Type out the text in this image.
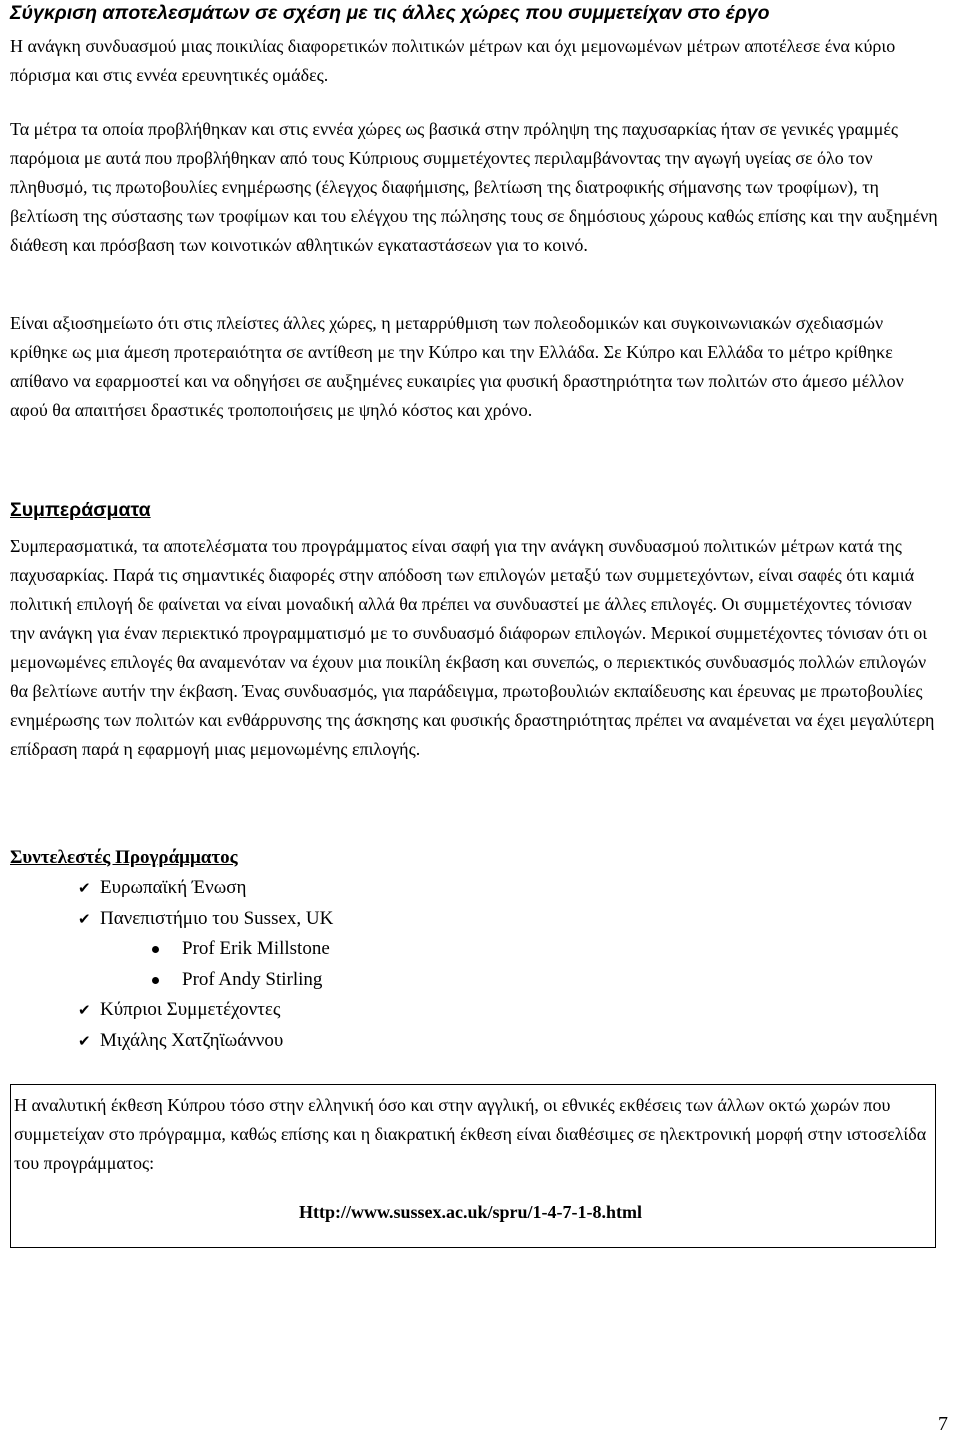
Σύγκριση αποτελεσμάτων σε σχέση με τις άλλες χώρες που συμμετείχαν στο έργο

Η ανάγκη συνδυασμού μιας ποικιλίας διαφορετικών πολιτικών μέτρων και όχι μεμονωμένων μέτρων αποτέλεσε ένα κύριο πόρισμα και στις εννέα ερευνητικές ομάδες.

Τα μέτρα τα οποία προβλήθηκαν και στις εννέα χώρες ως βασικά στην πρόληψη της παχυσαρκίας ήταν σε γενικές γραμμές παρόμοια με αυτά που προβλήθηκαν από τους Κύπριους συμμετέχοντες περιλαμβάνοντας την αγωγή υγείας σε όλο τον πληθυσμό, τις πρωτοβουλίες ενημέρωσης (έλεγχος διαφήμισης, βελτίωση της διατροφικής σήμανσης των τροφίμων), τη βελτίωση της σύστασης των τροφίμων και του ελέγχου της πώλησης τους σε δημόσιους χώρους καθώς επίσης και την αυξημένη διάθεση και πρόσβαση των κοινοτικών αθλητικών εγκαταστάσεων για το κοινό.

Είναι αξιοσημείωτο ότι στις πλείστες άλλες χώρες, η μεταρρύθμιση των πολεοδομικών και συγκοινωνιακών σχεδιασμών κρίθηκε ως μια άμεση προτεραιότητα σε αντίθεση με την Κύπρο και την Ελλάδα. Σε Κύπρο και Ελλάδα το μέτρο κρίθηκε απίθανο να εφαρμοστεί και να οδηγήσει σε αυξημένες ευκαιρίες για φυσική δραστηριότητα των πολιτών στο άμεσο μέλλον αφού θα απαιτήσει δραστικές τροποποιήσεις με ψηλό κόστος και χρόνο.

Συμπεράσματα

Συμπερασματικά, τα αποτελέσματα του προγράμματος είναι σαφή για την ανάγκη συνδυασμού πολιτικών μέτρων κατά της παχυσαρκίας. Παρά τις σημαντικές διαφορές στην απόδοση των επιλογών μεταξύ των συμμετεχόντων, είναι σαφές ότι καμιά πολιτική επιλογή δε φαίνεται να είναι μοναδική αλλά θα πρέπει να συνδυαστεί με άλλες επιλογές. Οι συμμετέχοντες τόνισαν την ανάγκη για έναν περιεκτικό προγραμματισμό με το συνδυασμό διάφορων επιλογών. Μερικοί συμμετέχοντες τόνισαν ότι οι μεμονωμένες επιλογές θα αναμενόταν να έχουν μια ποικίλη έκβαση και συνεπώς, ο περιεκτικός συνδυασμός πολλών επιλογών θα βελτίωνε αυτήν την έκβαση. Ένας συνδυασμός, για παράδειγμα, πρωτοβουλιών εκπαίδευσης και έρευνας με πρωτοβουλίες ενημέρωσης των πολιτών και ενθάρρυνσης της άσκησης και φυσικής δραστηριότητας πρέπει να αναμένεται να έχει μεγαλύτερη επίδραση παρά η εφαρμογή μιας μεμονωμένης επιλογής.

Συντελεστές Προγράμματος

✔ Ευρωπαϊκή Ένωση
✔ Πανεπιστήμιο του Sussex, UK
Prof Erik Millstone
Prof Andy Stirling
✔ Κύπριοι Συμμετέχοντες
✔ Μιχάλης Χατζηϊωάννου

Η αναλυτική έκθεση Κύπρου τόσο στην ελληνική όσο και στην αγγλική, οι εθνικές εκθέσεις των άλλων οκτώ χωρών που συμμετείχαν στο πρόγραμμα, καθώς επίσης και η διακρατική έκθεση είναι διαθέσιμες σε ηλεκτρονική μορφή στην ιστοσελίδα του προγράμματος:

Http://www.sussex.ac.uk/spru/1-4-7-1-8.html

7
